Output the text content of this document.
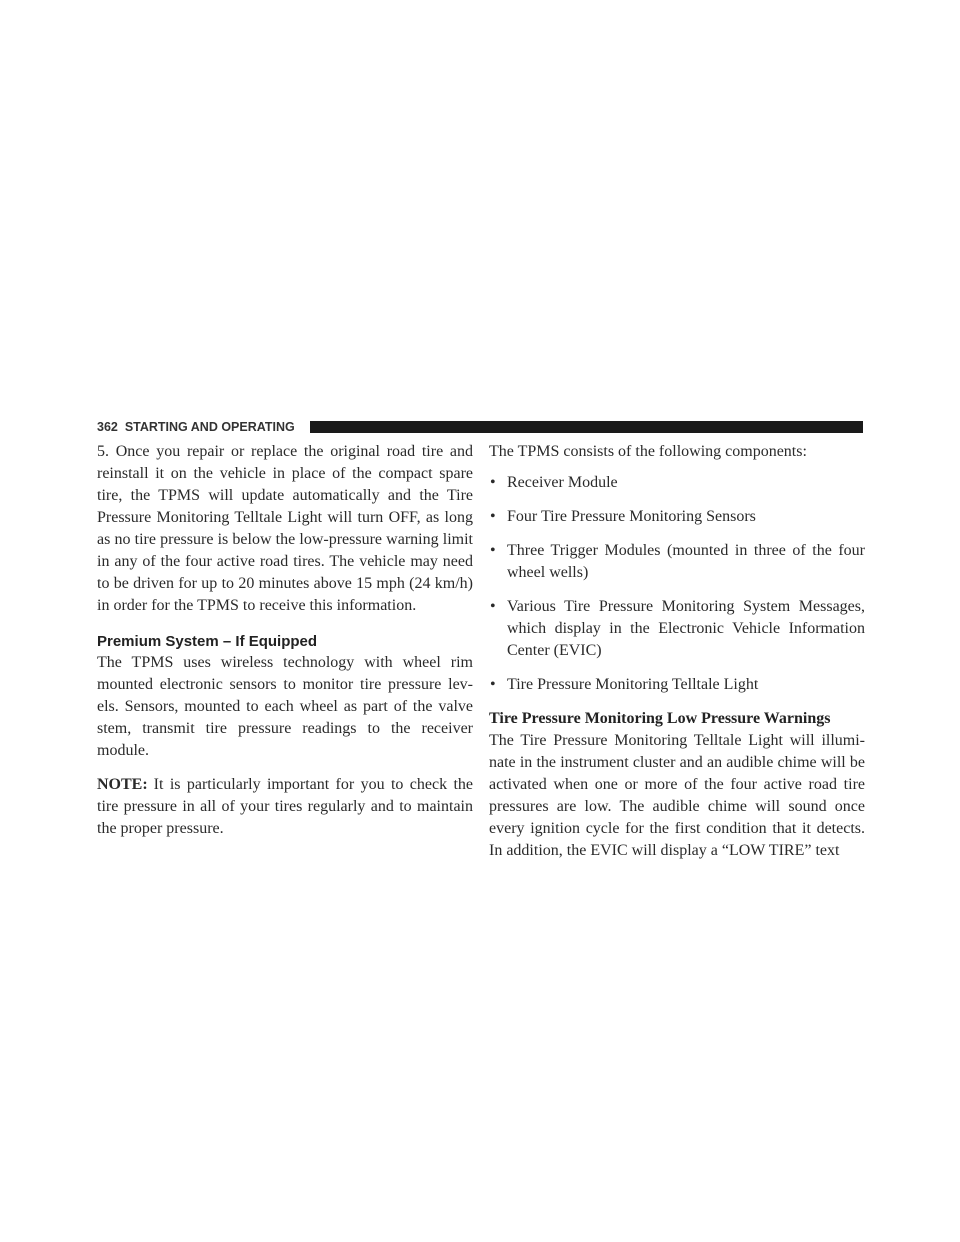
362 STARTING AND OPERATING

5. Once you repair or replace the original road tire and reinstall it on the vehicle in place of the compact spare tire, the TPMS will update automatically and the Tire Pressure Monitoring Telltale Light will turn OFF, as long as no tire pressure is below the low-pressure warning limit in any of the four active road tires. The vehicle may need to be driven for up to 20 minutes above 15 mph (24 km/h) in order for the TPMS to receive this information.

Premium System – If Equipped

The TPMS uses wireless technology with wheel rim mounted electronic sensors to monitor tire pressure lev-els. Sensors, mounted to each wheel as part of the valve stem, transmit tire pressure readings to the receiver module.

NOTE: It is particularly important for you to check the tire pressure in all of your tires regularly and to maintain the proper pressure.

The TPMS consists of the following components:

• Receiver Module
• Four Tire Pressure Monitoring Sensors
• Three Trigger Modules (mounted in three of the four wheel wells)
• Various Tire Pressure Monitoring System Messages, which display in the Electronic Vehicle Information Center (EVIC)
• Tire Pressure Monitoring Telltale Light
Tire Pressure Monitoring Low Pressure Warnings

The Tire Pressure Monitoring Telltale Light will illumi-nate in the instrument cluster and an audible chime will be activated when one or more of the four active road tire pressures are low. The audible chime will sound once every ignition cycle for the first condition that it detects. In addition, the EVIC will display a “LOW TIRE” text
